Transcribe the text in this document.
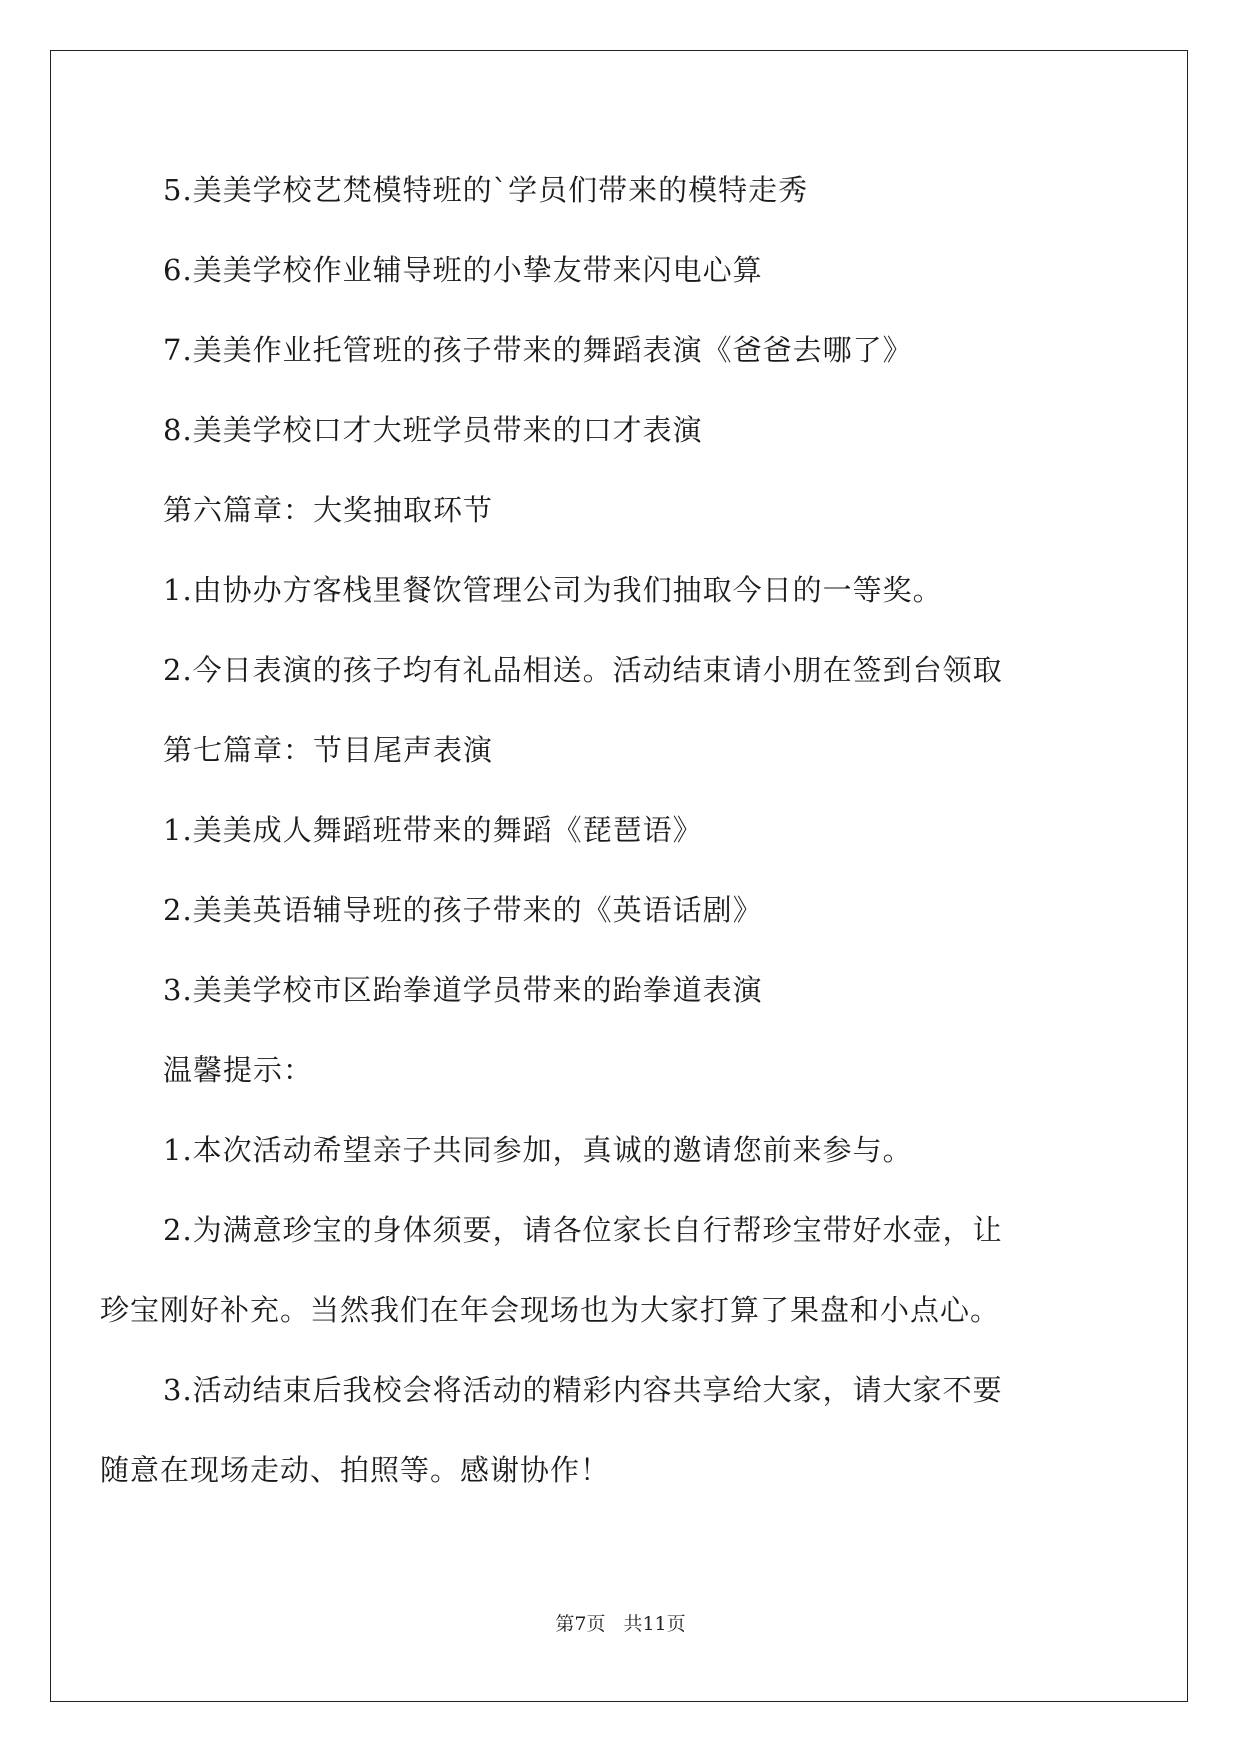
5.美美学校艺梵模特班的`学员们带来的模特走秀
6.美美学校作业辅导班的小挚友带来闪电心算
7.美美作业托管班的孩子带来的舞蹈表演《爸爸去哪了》
8.美美学校口才大班学员带来的口才表演
第六篇章：大奖抽取环节
1.由协办方客栈里餐饮管理公司为我们抽取今日的一等奖。
2.今日表演的孩子均有礼品相送。活动结束请小朋在签到台领取
第七篇章：节目尾声表演
1.美美成人舞蹈班带来的舞蹈《琵琶语》
2.美美英语辅导班的孩子带来的《英语话剧》
3.美美学校市区跆拳道学员带来的跆拳道表演
温馨提示：
1.本次活动希望亲子共同参加，真诚的邀请您前来参与。
2.为满意珍宝的身体须要，请各位家长自行帮珍宝带好水壶，让
珍宝刚好补充。当然我们在年会现场也为大家打算了果盘和小点心。
3.活动结束后我校会将活动的精彩内容共享给大家，请大家不要
随意在现场走动、拍照等。感谢协作！
第7页 共11页
